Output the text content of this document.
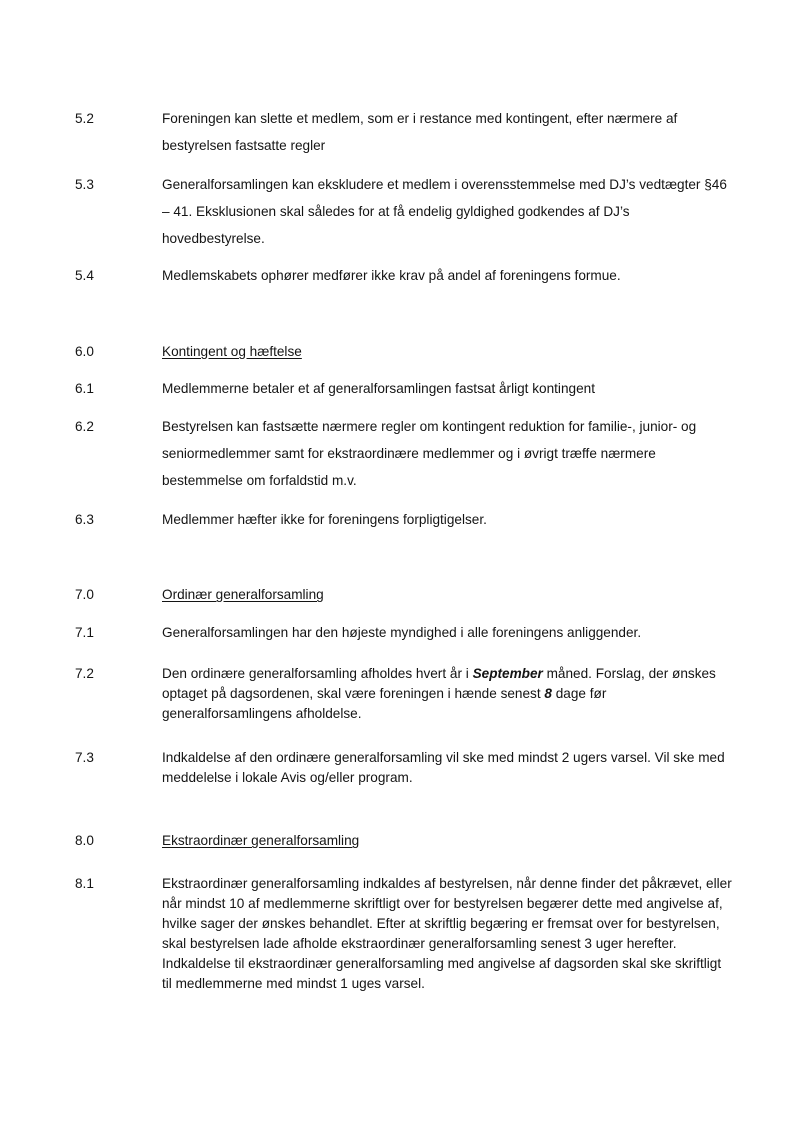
5.2	Foreningen kan slette et medlem, som er i restance med kontingent, efter nærmere af bestyrelsen fastsatte regler
5.3	Generalforsamlingen kan ekskludere et medlem i overensstemmelse med DJ’s vedtægter §46 – 41. Eksklusionen skal således for at få endelig gyldighed godkendes af DJ’s hovedbestyrelse.
5.4	Medlemskabets ophører medfører ikke krav på andel af foreningens formue.
6.0	Kontingent og hæftelse
6.1	Medlemmerne betaler et af generalforsamlingen fastsat årligt kontingent
6.2	Bestyrelsen kan fastsætte nærmere regler om kontingent reduktion for familie-, junior- og seniormedlemmer samt for ekstraordinære medlemmer og i øvrigt træffe nærmere bestemmelse om forfaldstid m.v.
6.3	Medlemmer hæfter ikke for foreningens forpligtigelser.
7.0	Ordinær generalforsamling
7.1	Generalforsamlingen har den højeste myndighed i alle foreningens anliggender.
7.2	Den ordinære generalforsamling afholdes hvert år i September måned. Forslag, der ønskes optaget på dagsordenen, skal være foreningen i hænde senest 8 dage før generalforsamlingens afholdelse.
7.3	Indkaldelse af den ordinære generalforsamling vil ske med mindst 2 ugers varsel. Vil ske med meddelelse i lokale Avis og/eller program.
8.0	Ekstraordinær generalforsamling
8.1	Ekstraordinær generalforsamling indkaldes af bestyrelsen, når denne finder det påkrævet, eller når mindst 10 af medlemmerne skriftligt over for bestyrelsen begærer dette med angivelse af, hvilke sager der ønskes behandlet. Efter at skriftlig begæring er fremsat over for bestyrelsen, skal bestyrelsen lade afholde ekstraordinær generalforsamling senest 3 uger herefter. Indkaldelse til ekstraordinær generalforsamling med angivelse af dagsorden skal ske skriftligt til medlemmerne med mindst 1 uges varsel.
